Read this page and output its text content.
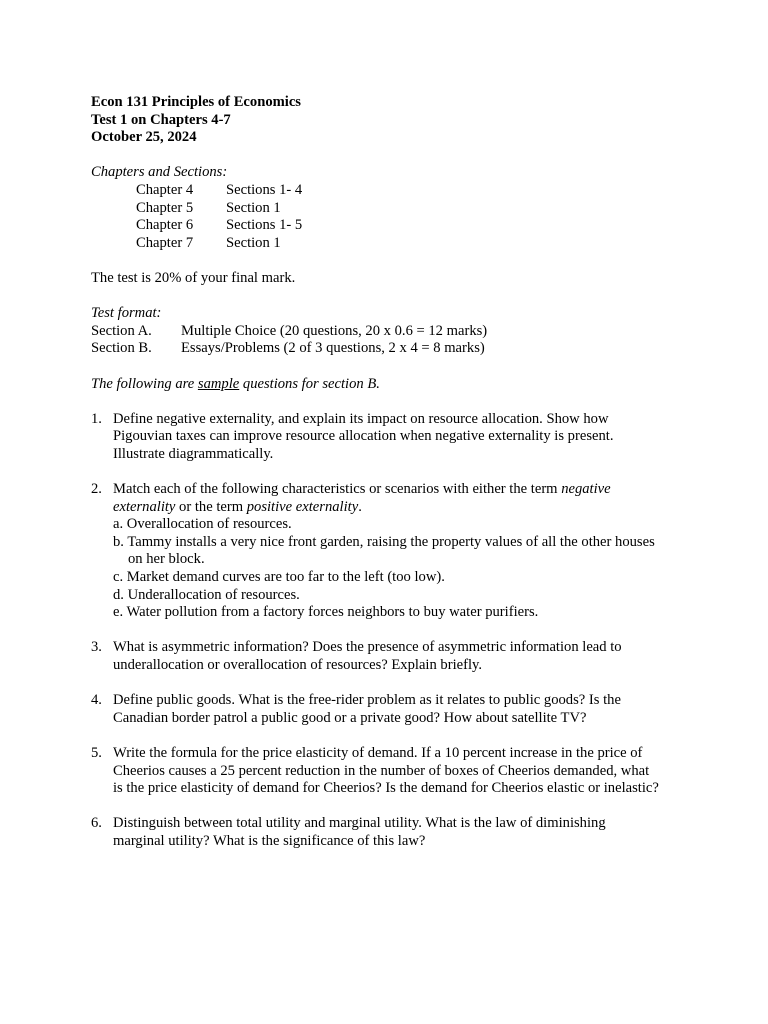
Econ 131 Principles of Economics
Test 1 on Chapters 4-7
October 25, 2024
Chapters and Sections:
Chapter 4	Sections 1- 4
Chapter 5	Section 1
Chapter 6	Sections 1- 5
Chapter 7	Section 1
The test is 20% of your final mark.
Test format:
Section A.	Multiple Choice (20 questions, 20 x 0.6 = 12 marks)
Section B.	Essays/Problems (2 of 3 questions, 2 x 4 = 8 marks)
The following are sample questions for section B.
1. Define negative externality, and explain its impact on resource allocation. Show how
Pigouvian taxes can improve resource allocation when negative externality is present.
Illustrate diagrammatically.
2. Match each of the following characteristics or scenarios with either the term negative
externality or the term positive externality.
a. Overallocation of resources.
b. Tammy installs a very nice front garden, raising the property values of all the other houses
on her block.
c. Market demand curves are too far to the left (too low).
d. Underallocation of resources.
e. Water pollution from a factory forces neighbors to buy water purifiers.
3. What is asymmetric information? Does the presence of asymmetric information lead to
underallocation or overallocation of resources? Explain briefly.
4. Define public goods. What is the free-rider problem as it relates to public goods? Is the
Canadian border patrol a public good or a private good? How about satellite TV?
5. Write the formula for the price elasticity of demand. If a 10 percent increase in the price of
Cheerios causes a 25 percent reduction in the number of boxes of Cheerios demanded, what
is the price elasticity of demand for Cheerios? Is the demand for Cheerios elastic or inelastic?
6. Distinguish between total utility and marginal utility. What is the law of diminishing
marginal utility? What is the significance of this law?
